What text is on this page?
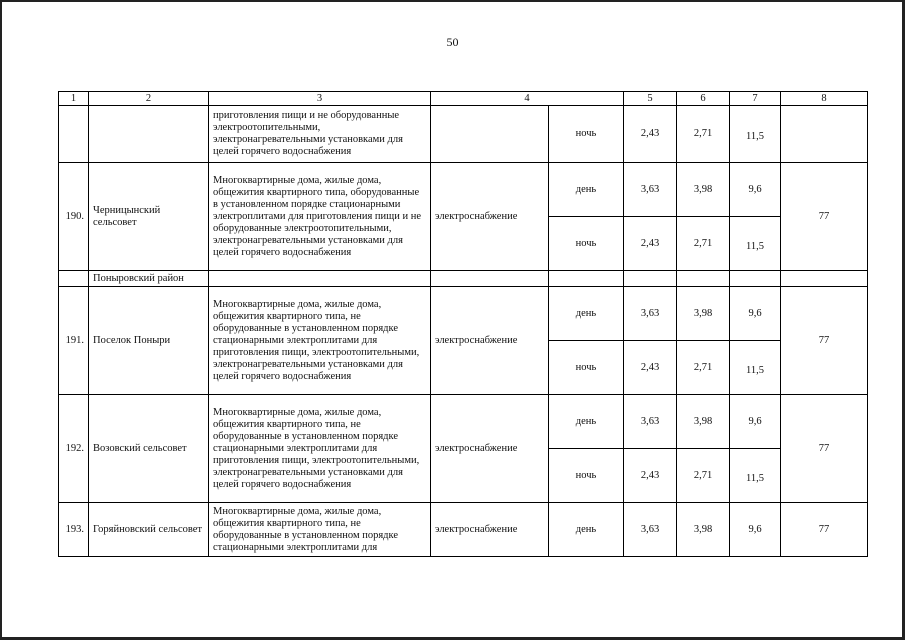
50
1	2	3	4		5	6	7	8
		приготовления пищи и не оборудованные электроотопительными, электронагревательными установками для целей горячего водоснабжения		ночь	2,43	2,71	11,5	
190.	Черницынский сельсовет	Многоквартирные дома, жилые дома, общежития квартирного типа, оборудованные в установленном порядке стационарными электроплитами для приготовления пищи и не оборудованные электроотопительными, электронагревательными установками для целей горячего водоснабжения	электроснабжение	день	3,63	3,98	9,6	77
				ночь	2,43	2,71	11,5	
	Поныровский район							
191.	Поселок Поныри	Многоквартирные дома, жилые дома, общежития квартирного типа, не оборудованные в установленном порядке стационарными электроплитами для приготовления пищи, электроотопительными, электронагревательными установками для целей горячего водоснабжения	электроснабжение	день	3,63	3,98	9,6	77
				ночь	2,43	2,71	11,5	
192.	Возовский сельсовет	Многоквартирные дома, жилые дома, общежития квартирного типа, не оборудованные в установленном порядке стационарными электроплитами для приготовления пищи, электроотопительными, электронагревательными установками для целей горячего водоснабжения	электроснабжение	день	3,63	3,98	9,6	77
				ночь	2,43	2,71	11,5	
193.	Горяйновский сельсовет	Многоквартирные дома, жилые дома, общежития квартирного типа, не оборудованные в установленном порядке стационарными электроплитами для	электроснабжение	день	3,63	3,98	9,6	77
